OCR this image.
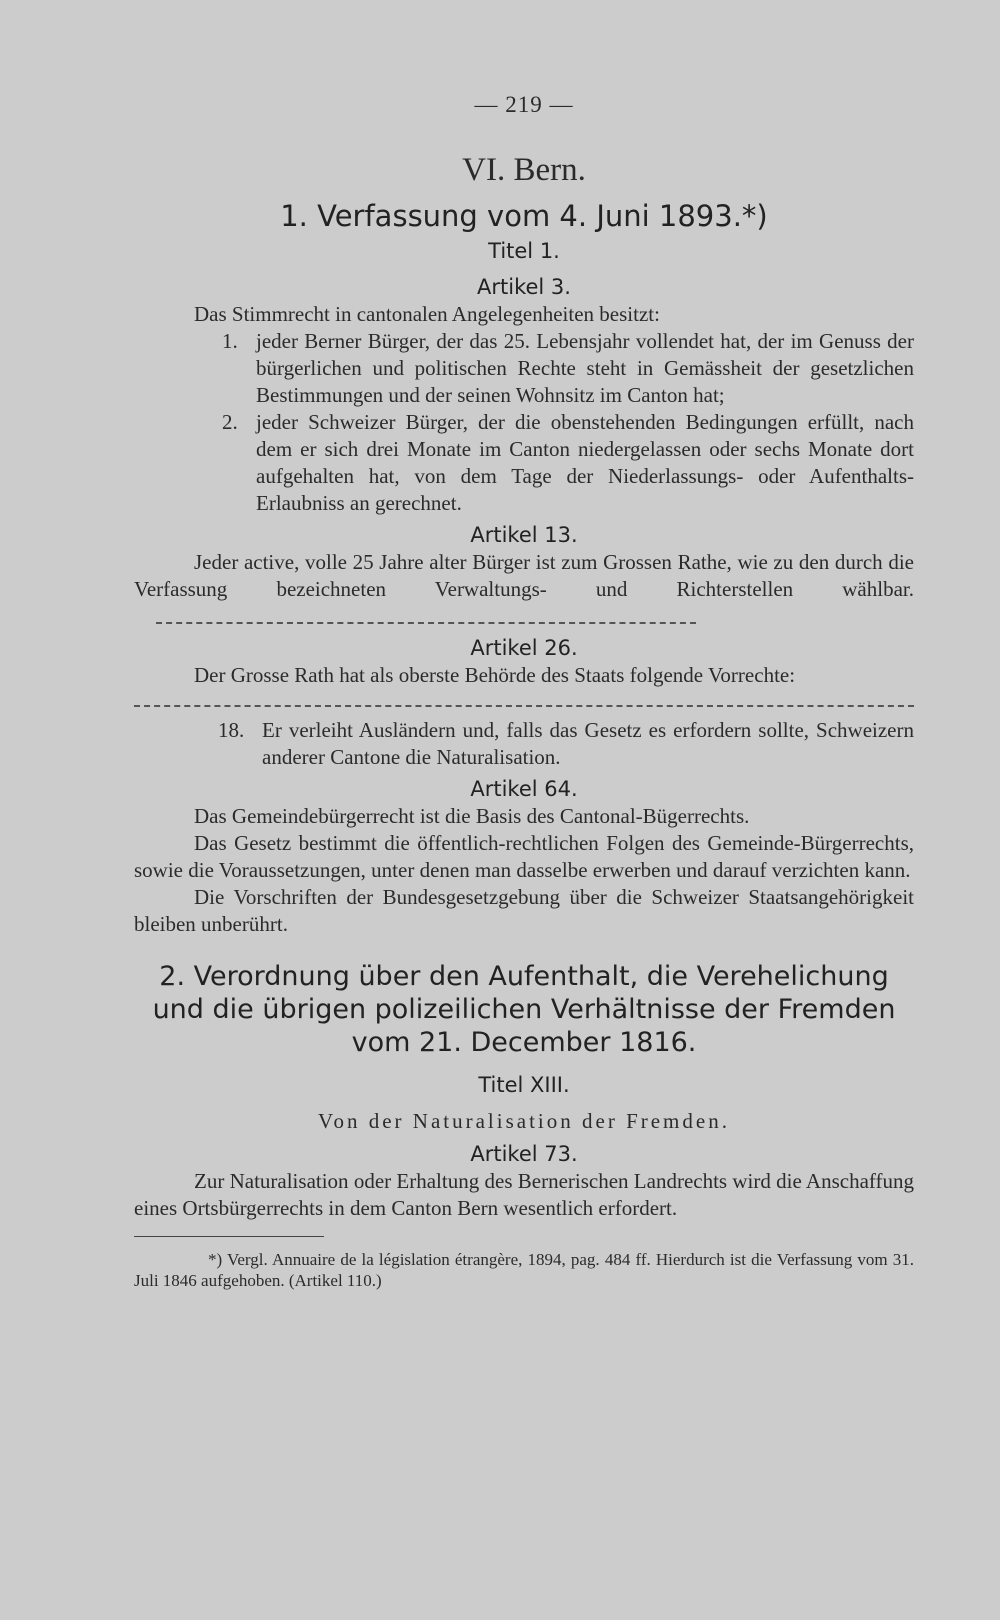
— 219 —
VI. Bern.
1. Verfassung vom 4. Juni 1893.*)
Titel 1.
Artikel 3.

Das Stimmrecht in cantonalen Angelegenheiten besitzt:

1. jeder Berner Bürger, der das 25. Lebensjahr vollendet hat, der im Genuss der bürgerlichen und politischen Rechte steht in Gemässheit der gesetzlichen Bestimmungen und der seinen Wohnsitz im Canton hat;
2. jeder Schweizer Bürger, der die obenstehenden Bedingungen erfüllt, nach dem er sich drei Monate im Canton niedergelassen oder sechs Monate dort aufgehalten hat, von dem Tage der Niederlassungs- oder Aufenthalts-Erlaubniss an gerechnet.
Artikel 13.

Jeder active, volle 25 Jahre alter Bürger ist zum Grossen Rathe, wie zu den durch die Verfassung bezeichneten Verwaltungs- und Richterstellen wählbar.

Artikel 26.

Der Grosse Rath hat als oberste Behörde des Staats folgende Vorrechte:

18. Er verleiht Ausländern und, falls das Gesetz es erfordern sollte, Schweizern anderer Cantone die Naturalisation.
Artikel 64.

Das Gemeindebürgerrecht ist die Basis des Cantonal-Bügerrechts.

Das Gesetz bestimmt die öffentlich-rechtlichen Folgen des Gemeinde-Bürgerrechts, sowie die Voraussetzungen, unter denen man dasselbe erwerben und darauf verzichten kann.

Die Vorschriften der Bundesgesetzgebung über die Schweizer Staatsangehörigkeit bleiben unberührt.

2. Verordnung über den Aufenthalt, die Verehelichung und die übrigen polizeilichen Verhältnisse der Fremden vom 21. December 1816.
Titel XIII.
Von der Naturalisation der Fremden.
Artikel 73.

Zur Naturalisation oder Erhaltung des Bernerischen Landrechts wird die Anschaffung eines Ortsbürgerrechts in dem Canton Bern wesentlich erfordert.

*) Vergl. Annuaire de la législation étrangère, 1894, pag. 484 ff. Hierdurch ist die Verfassung vom 31. Juli 1846 aufgehoben. (Artikel 110.)
